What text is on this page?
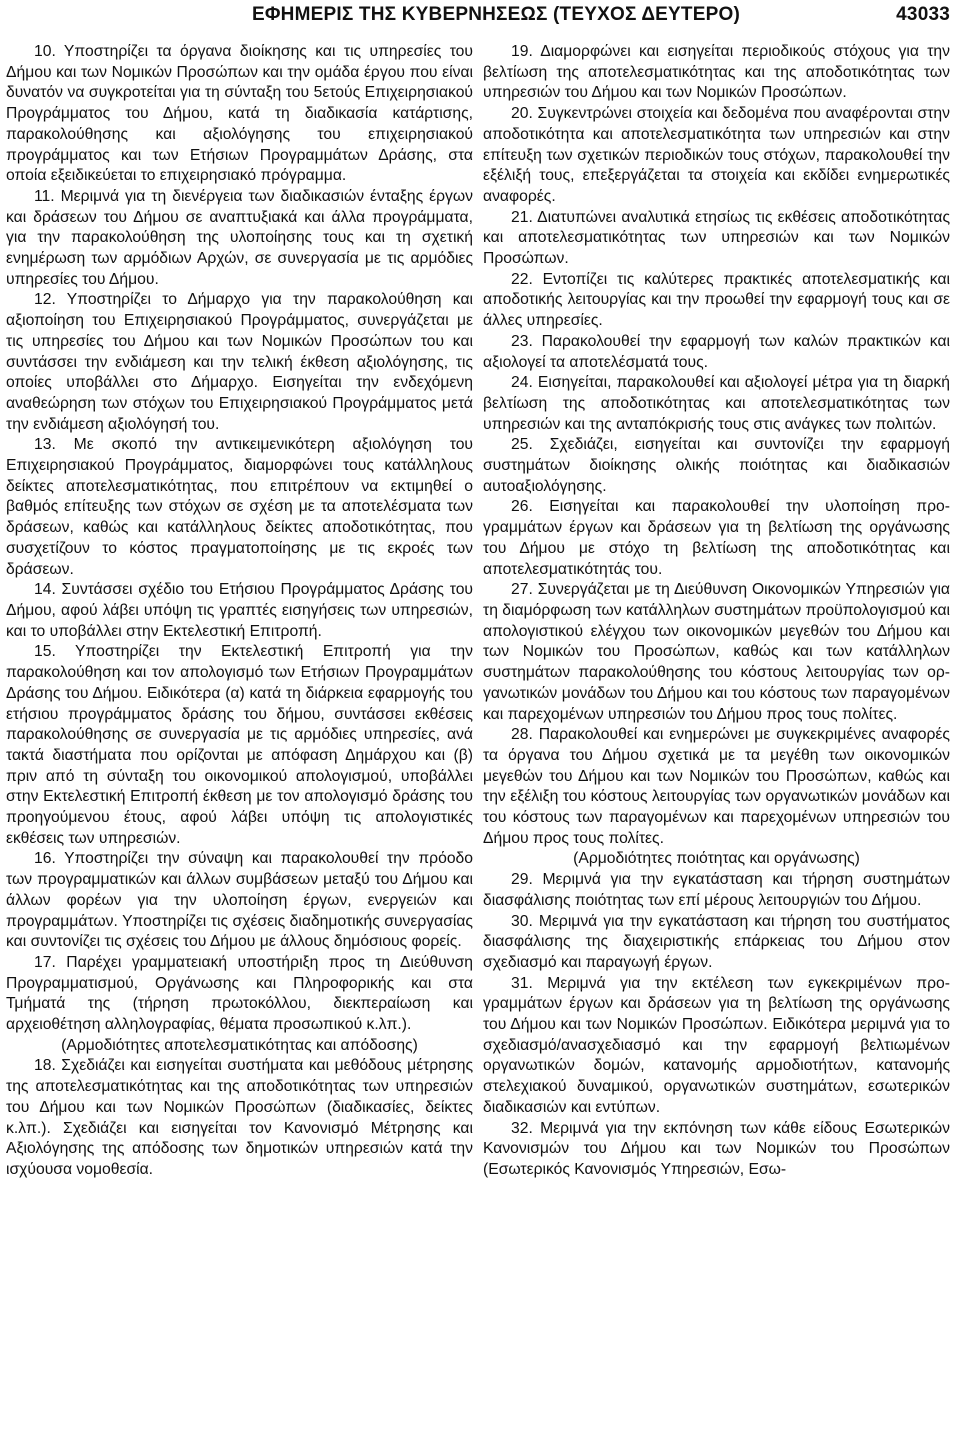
ΕΦΗΜΕΡΙΣ ΤΗΣ ΚΥΒΕΡΝΗΣΕΩΣ (ΤΕΥΧΟΣ ΔΕΥΤΕΡΟ)	43033

10. Υποστηρίζει τα όργανα διοίκησης και τις υπηρεσίες του Δήμου και των Νομικών Προσώπων και την ομάδα έργου που είναι δυνατόν να συγκροτείται για τη σύνταξη του 5ετούς Επιχειρησιακού Προγράμματος του Δήμου, κατά τη διαδικασία κατάρτισης, παρακολούθησης και αξιολόγησης του επιχειρησιακού προγράμματος και των Ετήσιων Προγραμμάτων Δράσης, στα οποία εξειδικεύεται το επιχειρησιακό πρόγραμμα.

11. Μεριμνά για τη διενέργεια των διαδικασιών ένταξης έργων και δράσεων του Δήμου σε αναπτυξιακά και άλλα προγράμματα, για την παρακολούθηση της υλοποίησης τους και τη σχετική ενημέρωση των αρμόδιων Αρχών, σε συνεργασία με τις αρμόδιες υπηρεσίες του Δήμου.

12. Υποστηρίζει το Δήμαρχο για την παρακολούθηση και αξιοποίηση του Επιχειρησιακού Προγράμματος, συνεργάζεται με τις υπηρεσίες του Δήμου και των Νομικών Προσώπων του και συντάσσει την ενδιάμεση και την τελική έκθεση αξιολόγησης, τις οποίες υποβάλλει στο Δήμαρχο. Εισηγείται την ενδεχόμενη αναθεώρηση των στόχων του Επιχειρησιακού Προγράμματος μετά την ενδιάμεση αξιολόγησή του.

13. Με σκοπό την αντικειμενικότερη αξιολόγηση του Επιχειρησιακού Προγράμματος, διαμορφώνει τους κατάλληλους δείκτες αποτελεσματικότητας, που επιτρέπουν να εκτιμηθεί ο βαθμός επίτευξης των στόχων σε σχέση με τα αποτελέσματα των δράσεων, καθώς και κατάλληλους δείκτες αποδοτικότητας, που συσχετίζουν το κόστος πραγματοποίησης με τις εκροές των δράσεων.

14. Συντάσσει σχέδιο του Ετήσιου Προγράμματος Δράσης του Δήμου, αφού λάβει υπόψη τις γραπτές εισηγήσεις των υπηρεσιών, και το υποβάλλει στην Εκτελεστική Επιτροπή.

15. Υποστηρίζει την Εκτελεστική Επιτροπή για την παρακολούθηση και τον απολογισμό των Ετήσιων Προγραμμάτων Δράσης του Δήμου. Ειδικότερα (α) κατά τη διάρκεια εφαρμογής του ετήσιου προγράμματος δράσης του δήμου, συντάσσει εκθέσεις παρακολούθησης σε συνεργασία με τις αρμόδιες υπηρεσίες, ανά τακτά διαστήματα που ορίζονται με απόφαση Δημάρχου και (β) πριν από τη σύνταξη του οικονομικού απολογισμού, υποβάλλει στην Εκτελεστική Επιτροπή έκθεση με τον απολογισμό δράσης του προηγούμενου έτους, αφού λάβει υπόψη τις απολογιστικές εκθέσεις των υπηρεσιών.

16. Υποστηρίζει την σύναψη και παρακολουθεί την πρόοδο των προγραμματικών και άλλων συμβάσεων μεταξύ του Δήμου και άλλων φορέων για την υλοποίηση έργων, ενεργειών και προγραμμάτων. Υποστηρίζει τις σχέσεις διαδημοτικής συνεργασίας και συντονίζει τις σχέσεις του Δήμου με άλλους δημόσιους φορείς.

17. Παρέχει γραμματειακή υποστήριξη προς τη Διεύθυνση Προγραμματισμού, Οργάνωσης και Πληροφορικής και στα Τμήματά της (τήρηση πρωτοκόλλου, διεκπεραίωση και αρχειοθέτηση αλληλογραφίας, θέματα προσωπικού κ.λπ.).

(Αρμοδιότητες αποτελεσματικότητας και απόδοσης)

18. Σχεδιάζει και εισηγείται συστήματα και μεθόδους μέτρησης της αποτελεσματικότητας και της αποδοτικότητας των υπηρεσιών του Δήμου και των Νομικών Προσώπων (διαδικασίες, δείκτες κ.λπ.). Σχεδιάζει και εισηγείται τον Κανονισμό Μέτρησης και Αξιολόγησης της απόδοσης των δημοτικών υπηρεσιών κατά την ισχύουσα νομοθεσία.

19. Διαμορφώνει και εισηγείται περιοδικούς στόχους για την βελτίωση της αποτελεσματικότητας και της αποδοτικότητας των υπηρεσιών του Δήμου και των Νομικών Προσώπων.

20. Συγκεντρώνει στοιχεία και δεδομένα που αναφέρονται στην αποδοτικότητα και αποτελεσματικότητα των υπηρεσιών και στην επίτευξη των σχετικών περιοδικών τους στόχων, παρακολουθεί την εξέλιξή τους, επεξεργάζεται τα στοιχεία και εκδίδει ενημερωτικές αναφορές.

21. Διατυπώνει αναλυτικά ετησίως τις εκθέσεις αποδοτικότητας και αποτελεσματικότητας των υπηρεσιών και των Νομικών Προσώπων.

22. Εντοπίζει τις καλύτερες πρακτικές αποτελεσματικής και αποδοτικής λειτουργίας και την προωθεί την εφαρμογή τους και σε άλλες υπηρεσίες.

23. Παρακολουθεί την εφαρμογή των καλών πρακτικών και αξιολογεί τα αποτελέσματά τους.

24. Εισηγείται, παρακολουθεί και αξιολογεί μέτρα για τη διαρκή βελτίωση της αποδοτικότητας και αποτελεσματικότητας των υπηρεσιών και της ανταπόκρισής τους στις ανάγκες των πολιτών.

25. Σχεδιάζει, εισηγείται και συντονίζει την εφαρμογή συστημάτων διοίκησης ολικής ποιότητας και διαδικασιών αυτοαξιολόγησης.

26. Εισηγείται και παρακολουθεί την υλοποίηση προγραμμάτων έργων και δράσεων για τη βελτίωση της οργάνωσης του Δήμου με στόχο τη βελτίωση της αποδοτικότητας και αποτελεσματικότητάς του.

27. Συνεργάζεται με τη Διεύθυνση Οικονομικών Υπηρεσιών για τη διαμόρφωση των κατάλληλων συστημάτων προϋπολογισμού και απολογιστικού ελέγχου των οικονομικών μεγεθών του Δήμου και των Νομικών του Προσώπων, καθώς και των κατάλληλων συστημάτων παρακολούθησης του κόστους λειτουργίας των οργανωτικών μονάδων του Δήμου και του κόστους των παραγομένων και παρεχομένων υπηρεσιών του Δήμου προς τους πολίτες.

28. Παρακολουθεί και ενημερώνει με συγκεκριμένες αναφορές τα όργανα του Δήμου σχετικά με τα μεγέθη των οικονομικών μεγεθών του Δήμου και των Νομικών του Προσώπων, καθώς και την εξέλιξη του κόστους λειτουργίας των οργανωτικών μονάδων και του κόστους των παραγομένων και παρεχομένων υπηρεσιών του Δήμου προς τους πολίτες.

(Αρμοδιότητες ποιότητας και οργάνωσης)

29. Μεριμνά για την εγκατάσταση και τήρηση συστημάτων διασφάλισης ποιότητας των επί μέρους λειτουργιών του Δήμου.

30. Μεριμνά για την εγκατάσταση και τήρηση του συστήματος διασφάλισης της διαχειριστικής επάρκειας του Δήμου στον σχεδιασμό και παραγωγή έργων.

31. Μεριμνά για την εκτέλεση των εγκεκριμένων προγραμμάτων έργων και δράσεων για τη βελτίωση της οργάνωσης του Δήμου και των Νομικών Προσώπων. Ειδικότερα μεριμνά για το σχεδιασμό/ανασχεδιασμό και την εφαρμογή βελτιωμένων οργανωτικών δομών, κατανομής αρμοδιοτήτων, κατανομής στελεχιακού δυναμικού, οργανωτικών συστημάτων, εσωτερικών διαδικασιών και εντύπων.

32. Μεριμνά για την εκπόνηση των κάθε είδους Εσωτερικών Κανονισμών του Δήμου και των Νομικών του Προσώπων (Εσωτερικός Κανονισμός Υπηρεσιών, Εσω-
